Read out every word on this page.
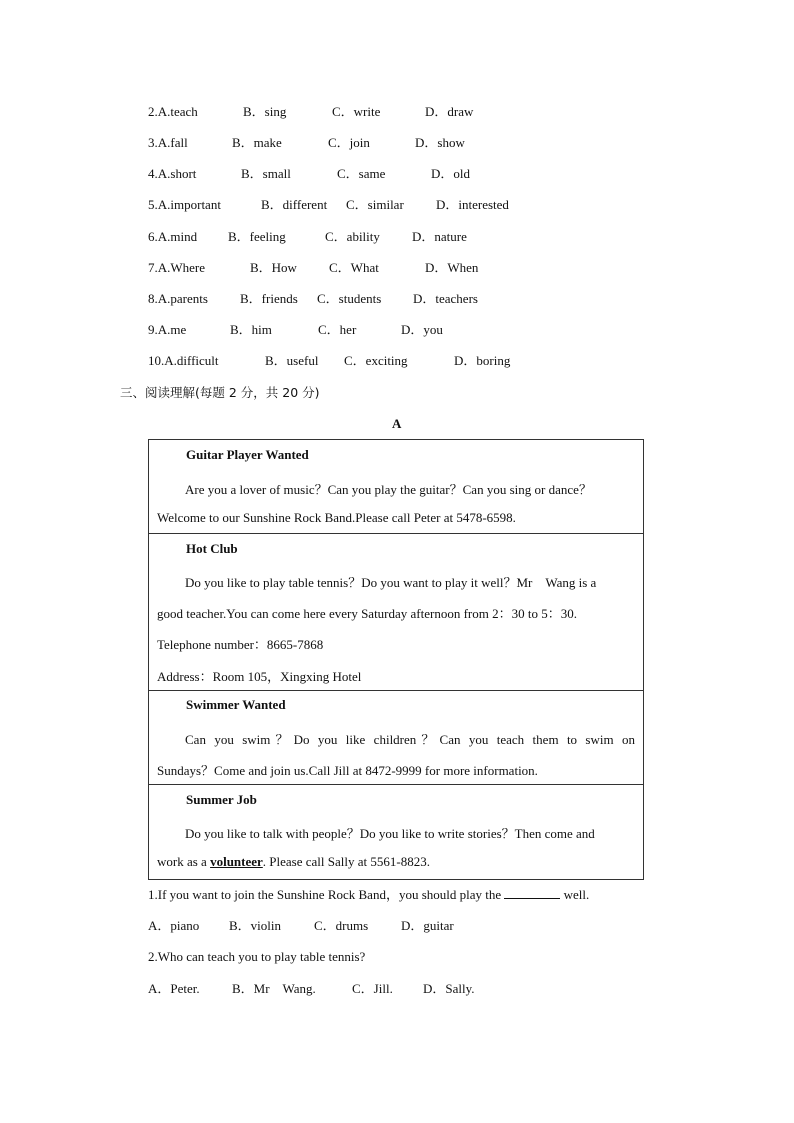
2.A.teach	B．sing	C．write	D．draw
3.A.fall	B．make	C．join	D．show
4.A.short	B．small	C．same	D．old
5.A.important	B．different C．similar D．interested
6.A.mind B．feeling	C．ability D．nature
7.A.Where	B．How C．What	D．When
8.A.parents B．friends C．students D．teachers
9.A.me	B．him	C．her	D．you
10.A.difficult	B．useful C．exciting	D．boring
三、阅读理解(每题 2 分，共 20 分)
A
Guitar Player Wanted
Are you a lover of music？Can you play the guitar？Can you sing or dance？
Welcome to our Sunshine Rock Band.Please call Peter at 5478-6598.
Hot Club
Do you like to play table tennis？Do you want to play it well？Mr　Wang is a
good teacher.You can come here every Saturday afternoon from 2：30 to 5：30.
Telephone number：8665-7868
Address：Room 105，Xingxing Hotel
Swimmer Wanted
Can you swim？Do you like children？Can you teach them to swim on
Sundays？Come and join us.Call Jill at 8472-9999 for more information.
Summer Job
Do you like to talk with people？Do you like to write stories？Then come and
work as a volunteer. Please call Sally at 5561-8823.
1.If you want to join the Sunshine Rock Band，you should play the	well.
A．piano B．violin	C．drums	D．guitar
2.Who can teach you to play table tennis?
A．Peter. B．Mr　Wang.	C．Jill. D．Sally.
